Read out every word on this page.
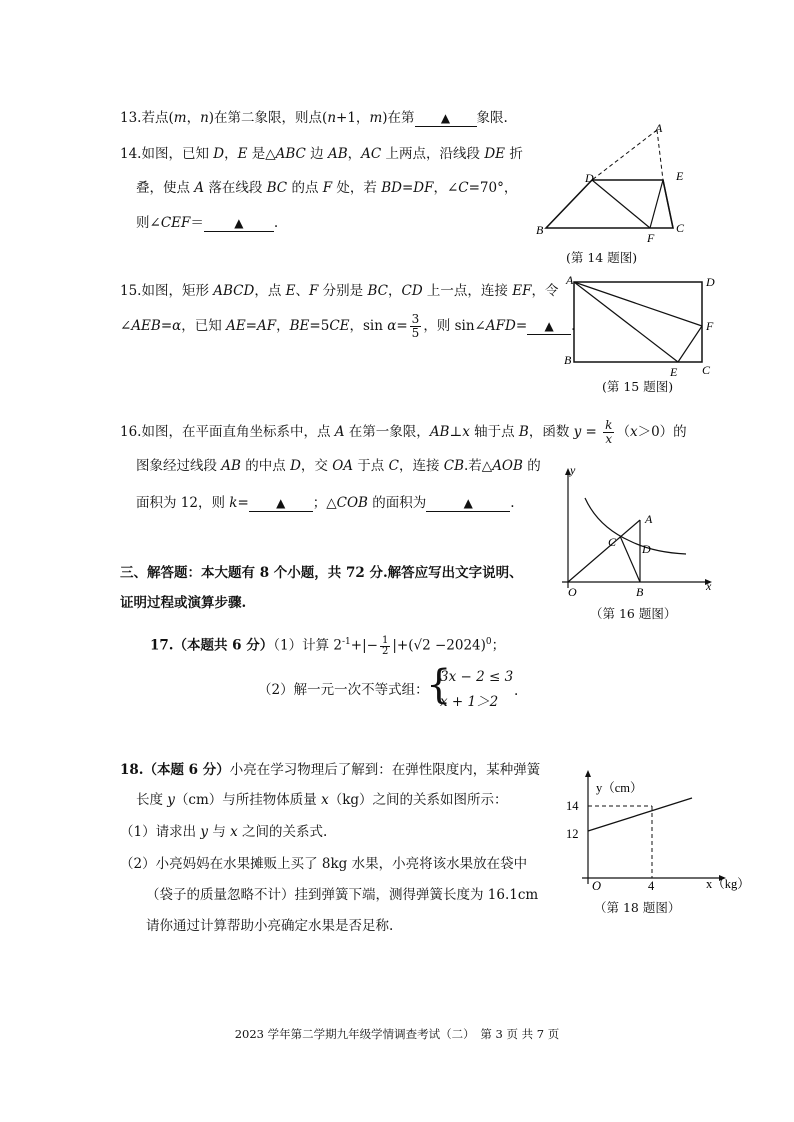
13.若点(m，n)在第二象限，则点(n+1，m)在第 ▲ 象限.
14.如图，已知 D，E 是△ABC 边 AB，AC 上两点，沿线段 DE 折
叠，使点 A 落在线段 BC 的点 F 处，若 BD=DF，∠C=70°，
则∠CEF＝	▲ .
A
D	E
B
F
C
(第 14 题图)
15.如图，矩形 ABCD，点 E、F 分别是 BC，CD 上一点，连接 EF，令
∠AEB=α，已知 AE=AF，BE=5CE，$\sin \alpha= \frac{3}{5}$ ，则 sin∠AFD= ▲ .
A	D
F
B
E C
(第 15 题图)
16.如图，在平面直角坐标系中，点 A 在第一象限，AB⊥x 轴于点 B，函数 $y = \frac{k}{x} (x>0)$的
图象经过线段 AB 的中点 D，交 OA 于点 C，连接 CB.若△AOB 的
面积为 12，则 k= ▲ ；△COB 的面积为	▲	.
y
x
O
A
B
C D
（第 16 题图）
三、解答题：本大题有 8 个小题，共 72 分.解答应写出文字说明、
证明过程或演算步骤.
17.（本题共 6 分）（1）计算 $2^{-1}+|- \frac{1}{2} |+(√2 -2024)^0$；
（2）解一元一次不等式组：
{
3x − 2 ≤ 3
x + 1＞2
.
18.（本题 6 分）小亮在学习物理后了解到：在弹性限度内，某种弹簧
长度 y（cm）与所挂物体质量 x（kg）之间的关系如图所示：
（1）请求出 y 与 x 之间的关系式.
（2）小亮妈妈在水果摊贩上买了 8kg 水果，小亮将该水果放在袋中
（袋子的质量忽略不计）挂到弹簧下端，测得弹簧长度为 16.1cm
请你通过计算帮助小亮确定水果是否足称.
y（cm）
x（kg）
14
12
O	4
（第 18 题图）
2023 学年第二学期九年级学情调查考试（二）　第 3 页 共 7 页
